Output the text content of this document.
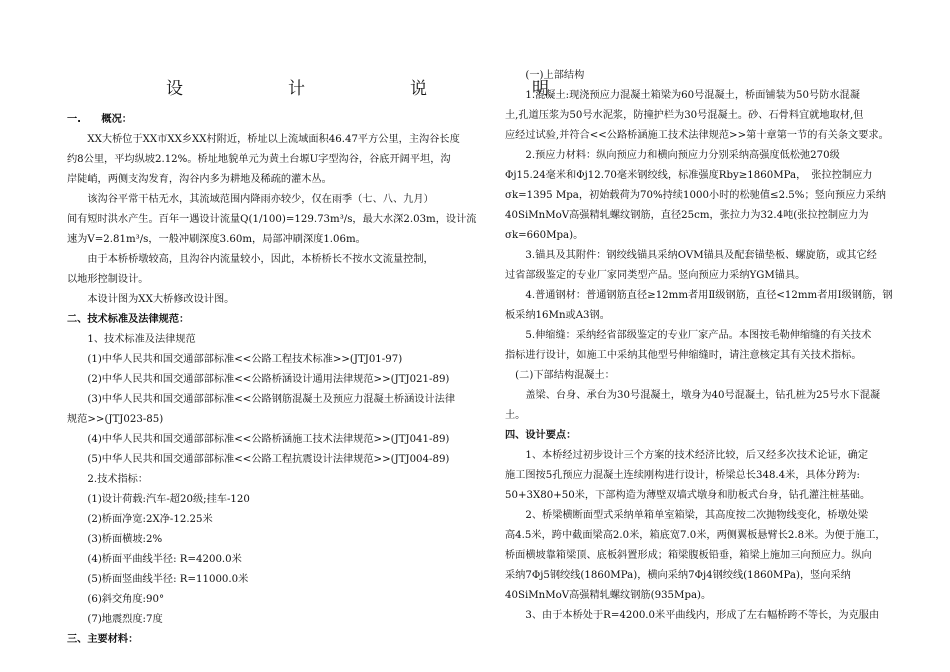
设　计　说　明

一.　　概况：

　　XX大桥位于XX市XX乡XX村附近，桥址以上流域面积46.47平方公里，主沟谷长度

约8公里，平均纵坡2.12%。桥址地貌单元为黄土台塬U字型沟谷，谷底开阔平坦，沟

岸陡峭，两侧支沟发育，沟谷内多为耕地及稀疏的灌木丛。

　　该沟谷平常干枯无水，其流域范围内降雨亦较少，仅在雨季（七、八、九月）

间有短时洪水产生。百年一遇设计流量Q(1/100)=129.73m³/s，最大水深2.03m，设计流

速为V=2.81m³/s，一般冲刷深度3.60m，局部冲刷深度1.06m。

　　由于本桥桥墩较高，且沟谷内流量较小，因此，本桥桥长不按水文流量控制，

以地形控制设计。

　　本设计图为XX大桥修改设计图。

二、技术标准及法律规范：

　　1、技术标准及法律规范

　　(1)中华人民共和国交通部部标准<<公路工程技术标准>>(JTJ01-97)

　　(2)中华人民共和国交通部部标准<<公路桥涵设计通用法律规范>>(JTJ021-89)

　　(3)中华人民共和国交通部部标准<<公路钢筋混凝土及预应力混凝土桥涵设计法律

规范>>(JTJ023-85)

　　(4)中华人民共和国交通部部标准<<公路桥涵施工技术法律规范>>(JTJ041-89)

　　(5)中华人民共和国交通部部标准<<公路工程抗震设计法律规范>>(JTJ004-89)

　　2.技术指标：

　　(1)设计荷载:汽车-超20级;挂车-120

　　(2)桥面净宽:2X净-12.25米

　　(3)桥面横坡:2%

　　(4)桥面平曲线半径: R=4200.0米

　　(5)桥面竖曲线半径: R=11000.0米

　　(6)斜交角度:90°

　　(7)地震烈度:7度

三、主要材料：

　　(一)上部结构

　　1.混凝土:现浇预应力混凝土箱梁为60号混凝土，桥面铺装为50号防水混凝

土,孔道压浆为50号水泥浆，防撞护栏为30号混凝土。砂、石骨料宜就地取材,但

应经过试验,并符合<<公路桥涵施工技术法律规范>>第十章第一节的有关条文要求。

　　2.预应力材料：纵向预应力和横向预应力分别采纳高强度低松弛270级

Φj15.24毫米和Φj12.70毫米钢绞线，标准强度Rby≥1860MPa，　张拉控制应力

σk=1395 Mpa，初始载荷为70%持续1000小时的松驰值≤2.5%；竖向预应力采纳

40SiMnMoV高强精轧螺纹钢筋，直径25cm，张拉力为32.4吨(张拉控制应力为

σk=660Mpa)。

　　3.锚具及其附件：钢绞线锚具采纳OVM锚具及配套锚垫板、螺旋筋，或其它经

过省部级鉴定的专业厂家同类型产品。竖向预应力采纳YGM锚具。

　　4.普通钢材：普通钢筋直径≥12mm者用Ⅱ级钢筋，直径<12mm者用Ⅰ级钢筋，钢

板采纳16Mn或A3钢。

　　5.伸缩缝：采纳经省部级鉴定的专业厂家产品。本图按毛勒伸缩缝的有关技术

指标进行设计，如施工中采纳其他型号伸缩缝时，请注意核定其有关技术指标。

　(二)下部结构混凝土：

　　盖梁、台身、承台为30号混凝土，墩身为40号混凝土，钻孔桩为25号水下混凝

土。

四、设计要点：

　　1、本桥经过初步设计三个方案的技术经济比较，后又经多次技术论证，确定

施工图按5孔预应力混凝土连续刚构进行设计，桥梁总长348.4米，具体分跨为:

50+3X80+50米，下部构造为薄壁双墙式墩身和肋板式台身，钻孔灌注桩基础。

　　2、桥梁横断面型式采纳单箱单室箱梁，其高度按二次抛物线变化，桥墩处梁

高4.5米，跨中截面梁高2.0米，箱底宽7.0米，两侧翼板悬臂长2.8米。为便于施工，

桥面横坡靠箱梁顶、底板斜置形成；箱梁腹板铅垂，箱梁上施加三向预应力。纵向

采纳7Φj5钢绞线(1860MPa)，横向采纳7Φj4钢绞线(1860MPa)，竖向采纳

40SiMnMoV高强精轧螺纹钢筋(935Mpa)。

　　3、由于本桥处于R=4200.0米平曲线内，形成了左右幅桥跨不等长，为克服由
